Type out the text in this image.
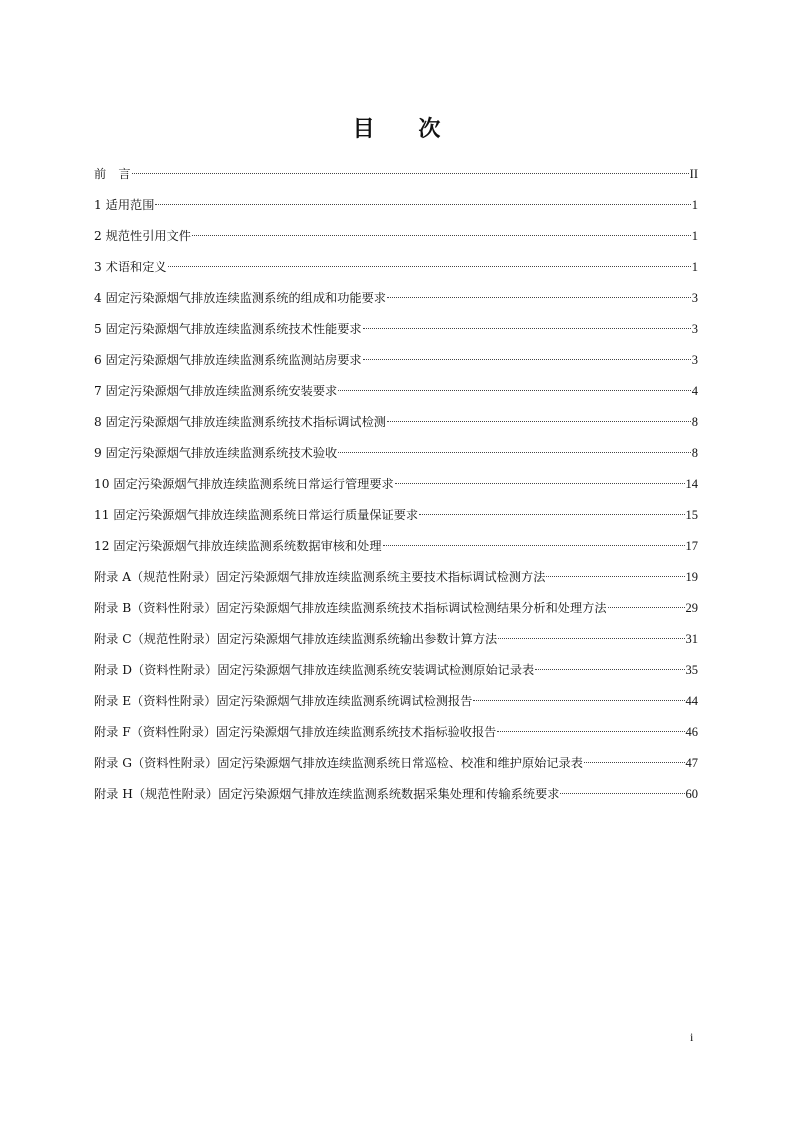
目 次
前　言	II
1 适用范围	1
2 规范性引用文件	1
3 术语和定义	1
4 固定污染源烟气排放连续监测系统的组成和功能要求	3
5 固定污染源烟气排放连续监测系统技术性能要求	3
6 固定污染源烟气排放连续监测系统监测站房要求	3
7 固定污染源烟气排放连续监测系统安装要求	4
8 固定污染源烟气排放连续监测系统技术指标调试检测	8
9 固定污染源烟气排放连续监测系统技术验收	8
10 固定污染源烟气排放连续监测系统日常运行管理要求	14
11 固定污染源烟气排放连续监测系统日常运行质量保证要求	15
12 固定污染源烟气排放连续监测系统数据审核和处理	17
附录 A（规范性附录）固定污染源烟气排放连续监测系统主要技术指标调试检测方法	19
附录 B（资料性附录）固定污染源烟气排放连续监测系统技术指标调试检测结果分析和处理方法	29
附录 C（规范性附录）固定污染源烟气排放连续监测系统输出参数计算方法	31
附录 D（资料性附录）固定污染源烟气排放连续监测系统安装调试检测原始记录表	35
附录 E（资料性附录）固定污染源烟气排放连续监测系统调试检测报告	44
附录 F（资料性附录）固定污染源烟气排放连续监测系统技术指标验收报告	46
附录 G（资料性附录）固定污染源烟气排放连续监测系统日常巡检、校准和维护原始记录表	47
附录 H（规范性附录）固定污染源烟气排放连续监测系统数据采集处理和传输系统要求	60
i
